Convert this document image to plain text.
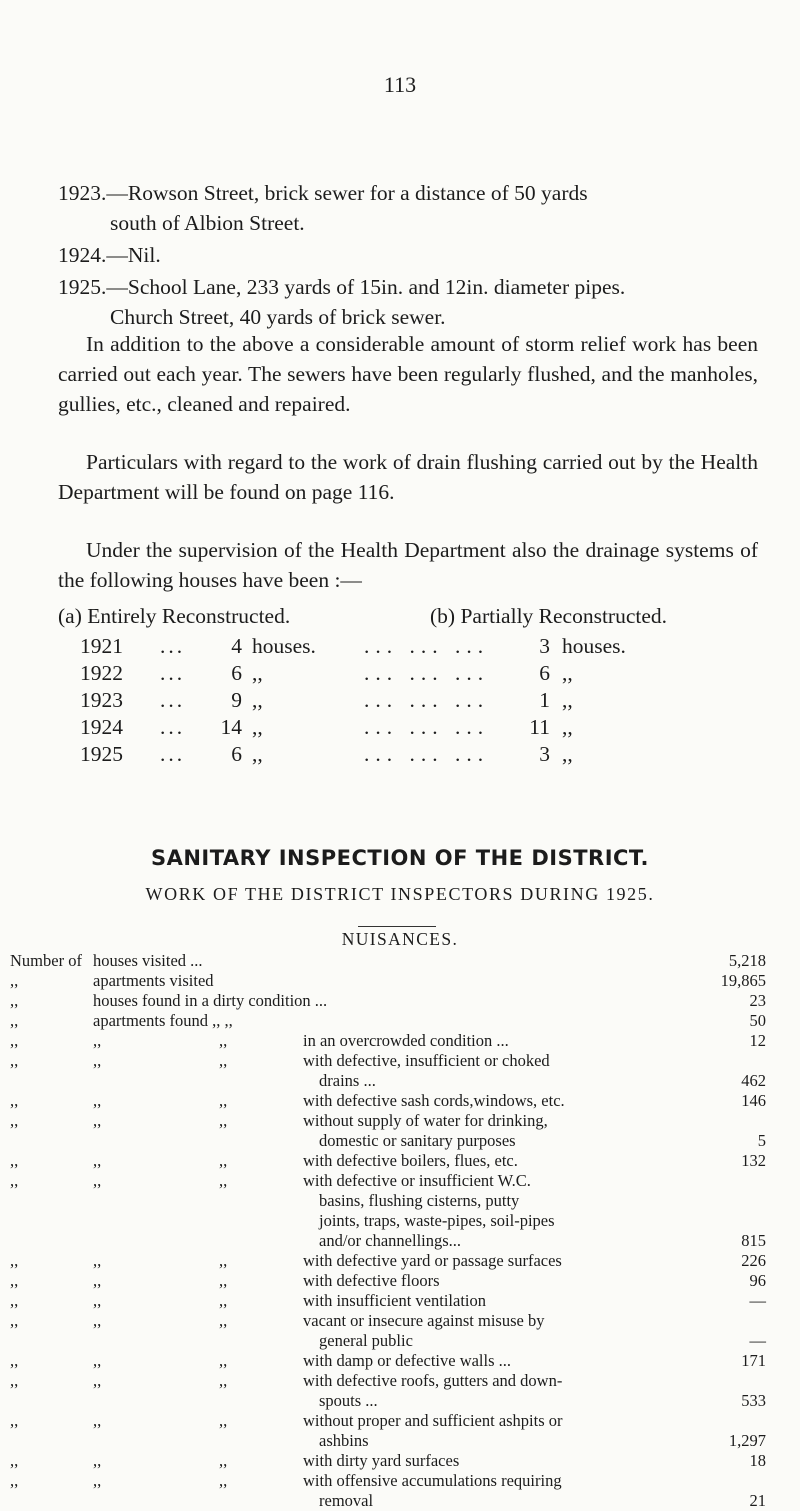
113
1923.—Rowson Street, brick sewer for a distance of 50 yards
south of Albion Street.
1924.—Nil.
1925.—School Lane, 233 yards of 15in. and 12in. diameter pipes.
Church Street, 40 yards of brick sewer.

In addition to the above a considerable amount of storm relief work has been carried out each year. The sewers have been regularly flushed, and the manholes, gullies, etc., cleaned and repaired.

Particulars with regard to the work of drain flushing carried out by the Health Department will be found on page 116.

Under the supervision of the Health Department also the drainage systems of the following houses have been :—

(a) Entirely Reconstructed.	(b) Partially Reconstructed.
1921 ...	4 houses. ... ... ...	3 houses.
1922 ...	6 ,,	... ... ...	6 ,,
1923 ...	9 ,,	... ... ...	1 ,,
1924 ...	14 ,,	... ... ... 11 ,,
1925 ...	6 ,,	... ... ...	3 ,,
SANITARY INSPECTION OF THE DISTRICT.
WORK OF THE DISTRICT INSPECTORS DURING 1925.
NUISANCES.
Number of houses visited ...	5,218
,,	apartments visited	19,865
,,	houses found in a dirty condition ...	23
,,	apartments found ,, ,,	50
,,	,,	,,	in an overcrowded condition ...	12
,,	,,	,,	with defective, insufficient or choked
drains ...	462
,,	,,	,,	with defective sash cords,windows, etc.	146
,,	,,	,,	without supply of water for drinking,
domestic or sanitary purposes	5
,,	,,	,,	with defective boilers, flues, etc.	132
,,	,,	,,	with defective or insufficient W.C.
basins, flushing cisterns, putty
joints, traps, waste-pipes, soil-pipes
and/or channellings...	815
,,	,,	,,	with defective yard or passage surfaces	226
,,	,,	,,	with defective floors	96
,,	,,	,,	with insufficient ventilation	—
,,	,,	,,	vacant or insecure against misuse by
general public	—
,,	,,	,,	with damp or defective walls ...	171
,,	,,	,,	with defective roofs, gutters and down-
spouts ...	533
,,	,,	,,	without proper and sufficient ashpits or
ashbins	1,297
,,	,,	,,	with dirty yard surfaces	18
,,	,,	,,	with offensive accumulations requiring
removal	21
